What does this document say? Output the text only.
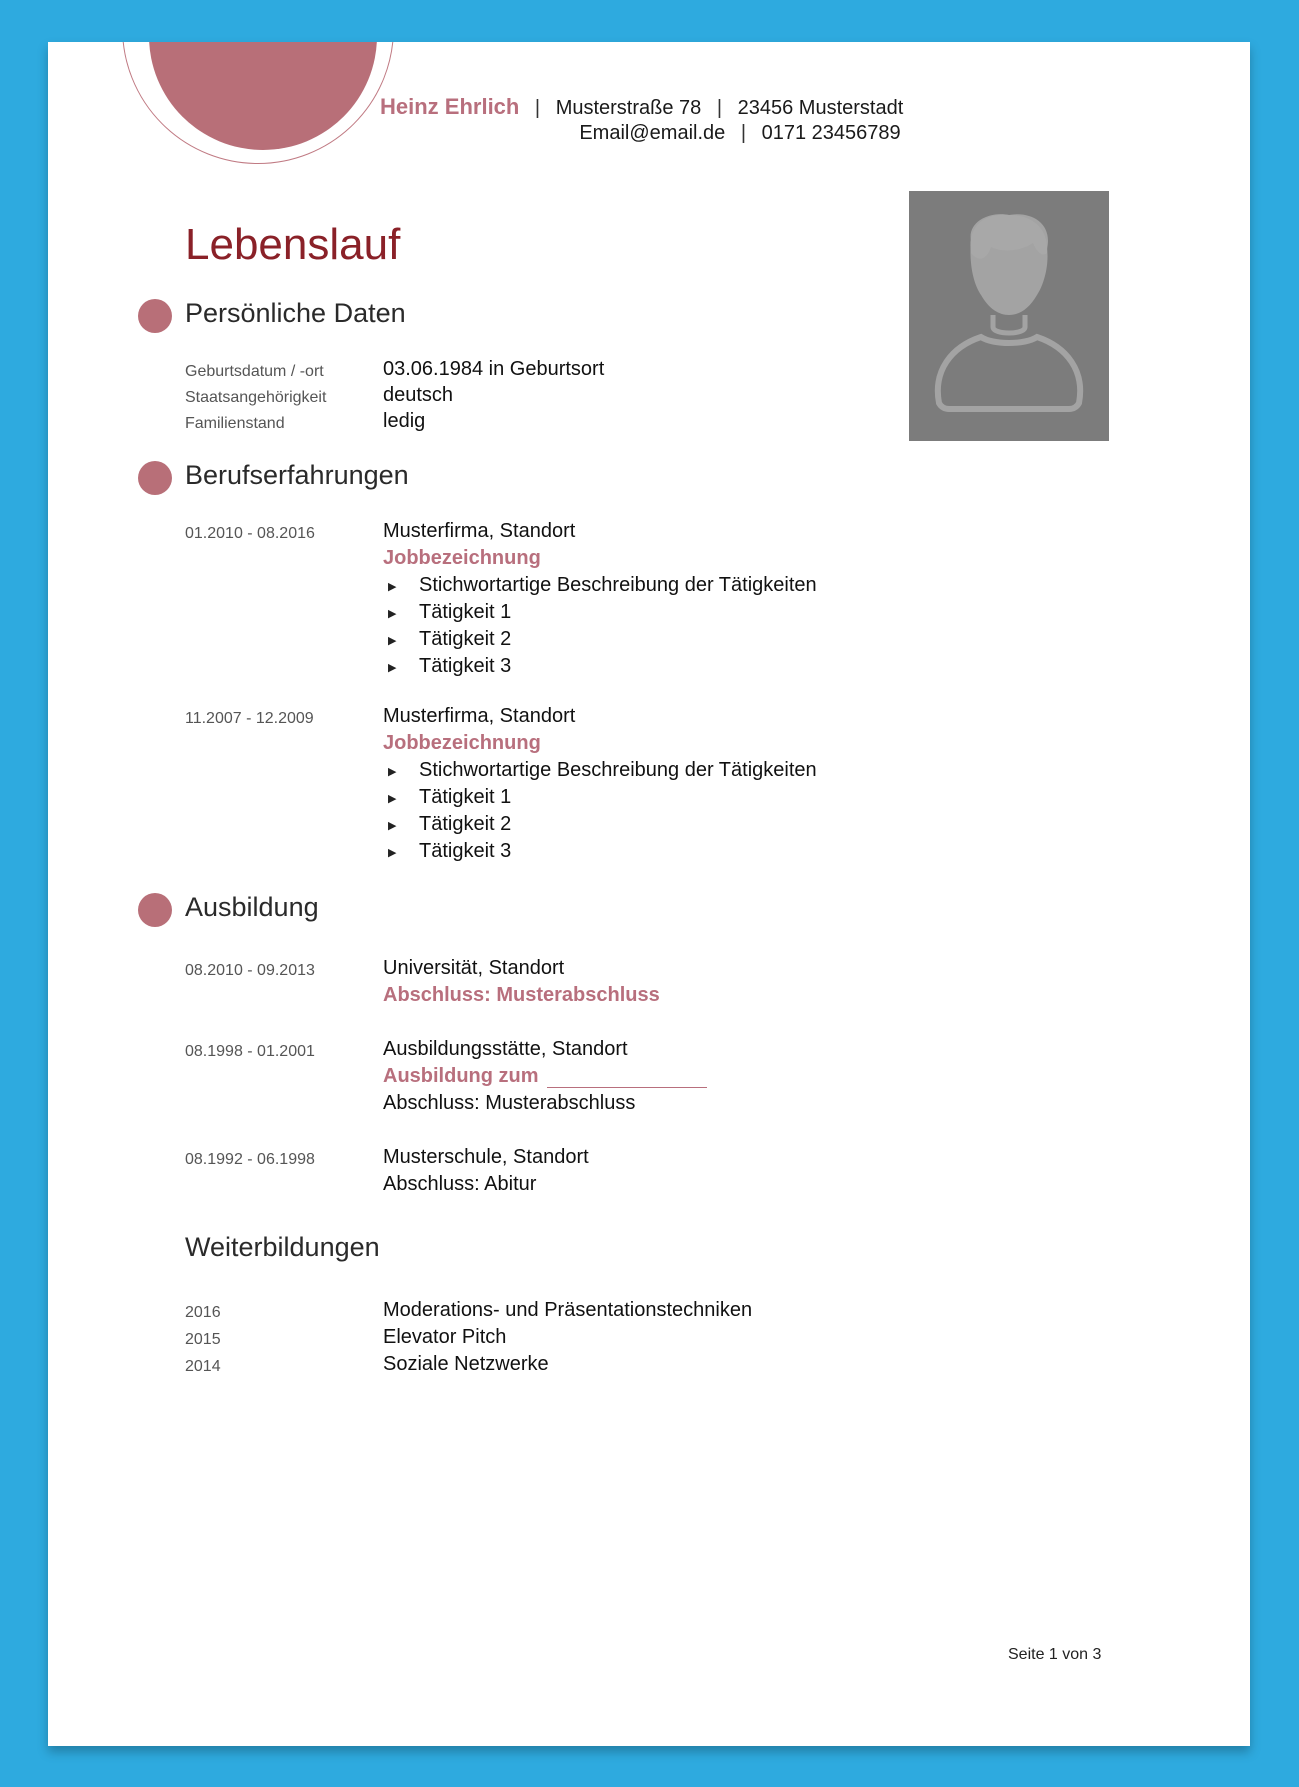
Heinz Ehrlich | Musterstraße 78 | 23456 Musterstadt
Email@email.de | 0171 23456789
Lebenslauf
Persönliche Daten
Geburtsdatum / -ort	03.06.1984 in Geburtsort
Staatsangehörigkeit	deutsch
Familienstand	ledig
Berufserfahrungen
01.2010 - 08.2016	Musterfirma, Standort
Jobbezeichnung
▶ Stichwortartige Beschreibung der Tätigkeiten
▶ Tätigkeit 1
▶ Tätigkeit 2
▶ Tätigkeit 3
11.2007 - 12.2009	Musterfirma, Standort
Jobbezeichnung
▶ Stichwortartige Beschreibung der Tätigkeiten
▶ Tätigkeit 1
▶ Tätigkeit 2
▶ Tätigkeit 3
Ausbildung
08.2010 - 09.2013	Universität, Standort
Abschluss: Musterabschluss
08.1998 - 01.2001	Ausbildungsstätte, Standort
Ausbildung zum
Abschluss: Musterabschluss
08.1992 - 06.1998	Musterschule, Standort
Abschluss: Abitur
Weiterbildungen
2016	Moderations- und Präsentationstechniken
2015	Elevator Pitch
2014	Soziale Netzwerke
Seite 1 von 3
